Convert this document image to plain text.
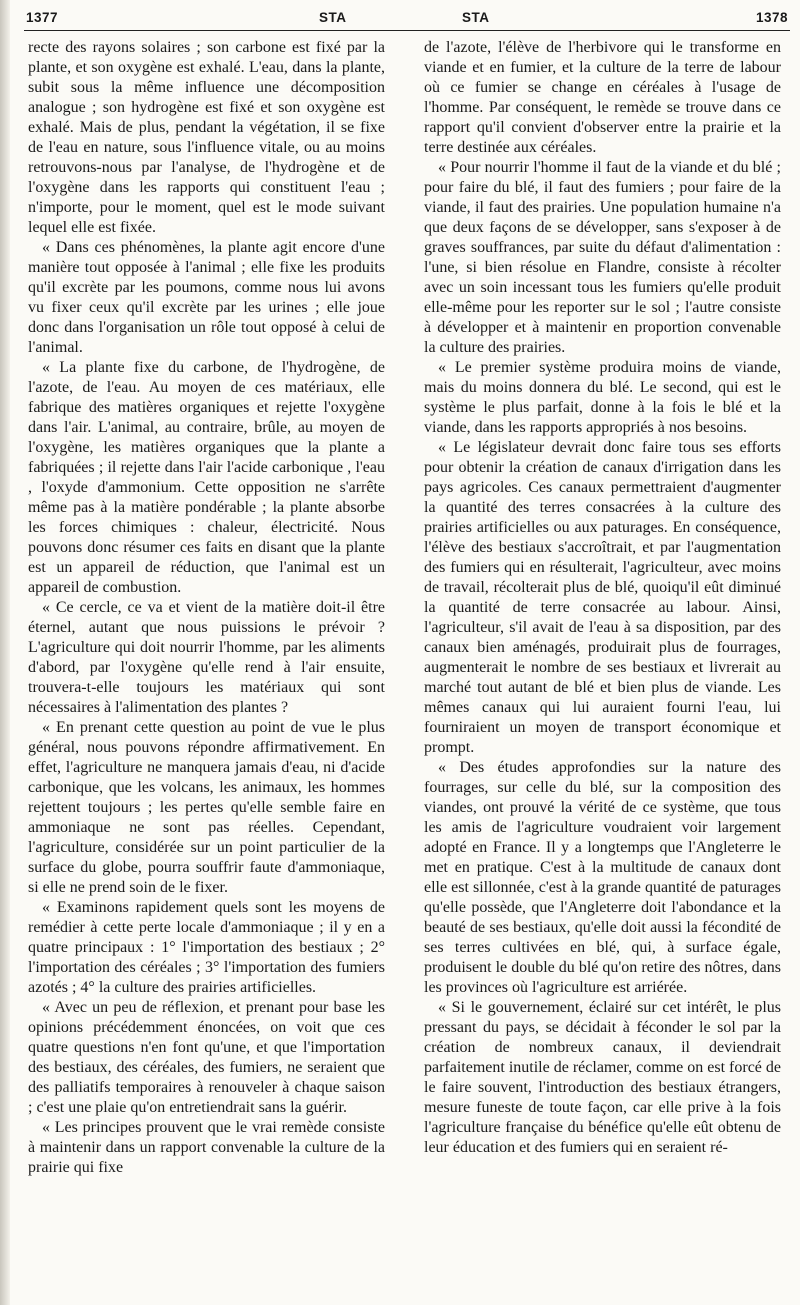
1377	STA	STA	1378

recte des rayons solaires ; son carbone est fixé par la plante, et son oxygène est exhalé. L'eau, dans la plante, subit sous la même influence une décomposition analogue ; son hydrogène est fixé et son oxygène est exhalé. Mais de plus, pendant la végétation, il se fixe de l'eau en nature, sous l'influence vitale, ou au moins retrouvons-nous par l'analyse, de l'hydrogène et de l'oxygène dans les rapports qui constituent l'eau ; n'importe, pour le moment, quel est le mode suivant lequel elle est fixée.

« Dans ces phénomènes, la plante agit encore d'une manière tout opposée à l'animal ; elle fixe les produits qu'il excrète par les poumons, comme nous lui avons vu fixer ceux qu'il excrète par les urines ; elle joue donc dans l'organisation un rôle tout opposé à celui de l'animal.

« La plante fixe du carbone, de l'hydrogène, de l'azote, de l'eau. Au moyen de ces matériaux, elle fabrique des matières organiques et rejette l'oxygène dans l'air. L'animal, au contraire, brûle, au moyen de l'oxygène, les matières organiques que la plante a fabriquées ; il rejette dans l'air l'acide carbonique , l'eau , l'oxyde d'ammonium. Cette opposition ne s'arrête même pas à la matière pondérable ; la plante absorbe les forces chimiques : chaleur, électricité. Nous pouvons donc résumer ces faits en disant que la plante est un appareil de réduction, que l'animal est un appareil de combustion.

« Ce cercle, ce va et vient de la matière doit-il être éternel, autant que nous puissions le prévoir ? L'agriculture qui doit nourrir l'homme, par les aliments d'abord, par l'oxygène qu'elle rend à l'air ensuite, trouvera-t-elle toujours les matériaux qui sont nécessaires à l'alimentation des plantes ?

« En prenant cette question au point de vue le plus général, nous pouvons répondre affirmativement. En effet, l'agriculture ne manquera jamais d'eau, ni d'acide carbonique, que les volcans, les animaux, les hommes rejettent toujours ; les pertes qu'elle semble faire en ammoniaque ne sont pas réelles. Cependant, l'agriculture, considérée sur un point particulier de la surface du globe, pourra souffrir faute d'ammoniaque, si elle ne prend soin de le fixer.

« Examinons rapidement quels sont les moyens de remédier à cette perte locale d'ammoniaque ; il y en a quatre principaux : 1° l'importation des bestiaux ; 2° l'importation des céréales ; 3° l'importation des fumiers azotés ; 4° la culture des prairies artificielles.

« Avec un peu de réflexion, et prenant pour base les opinions précédemment énoncées, on voit que ces quatre questions n'en font qu'une, et que l'importation des bestiaux, des céréales, des fumiers, ne seraient que des palliatifs temporaires à renouveler à chaque saison ; c'est une plaie qu'on entretiendrait sans la guérir.

« Les principes prouvent que le vrai remède consiste à maintenir dans un rapport convenable la culture de la prairie qui fixe

de l'azote, l'élève de l'herbivore qui le transforme en viande et en fumier, et la culture de la terre de labour où ce fumier se change en céréales à l'usage de l'homme. Par conséquent, le remède se trouve dans ce rapport qu'il convient d'observer entre la prairie et la terre destinée aux céréales.

« Pour nourrir l'homme il faut de la viande et du blé ; pour faire du blé, il faut des fumiers ; pour faire de la viande, il faut des prairies. Une population humaine n'a que deux façons de se développer, sans s'exposer à de graves souffrances, par suite du défaut d'alimentation : l'une, si bien résolue en Flandre, consiste à récolter avec un soin incessant tous les fumiers qu'elle produit elle-même pour les reporter sur le sol ; l'autre consiste à développer et à maintenir en proportion convenable la culture des prairies.

« Le premier système produira moins de viande, mais du moins donnera du blé. Le second, qui est le système le plus parfait, donne à la fois le blé et la viande, dans les rapports appropriés à nos besoins.

« Le législateur devrait donc faire tous ses efforts pour obtenir la création de canaux d'irrigation dans les pays agricoles. Ces canaux permettraient d'augmenter la quantité des terres consacrées à la culture des prairies artificielles ou aux paturages. En conséquence, l'élève des bestiaux s'accroîtrait, et par l'augmentation des fumiers qui en résulterait, l'agriculteur, avec moins de travail, récolterait plus de blé, quoiqu'il eût diminué la quantité de terre consacrée au labour. Ainsi, l'agriculteur, s'il avait de l'eau à sa disposition, par des canaux bien aménagés, produirait plus de fourrages, augmenterait le nombre de ses bestiaux et livrerait au marché tout autant de blé et bien plus de viande. Les mêmes canaux qui lui auraient fourni l'eau, lui fourniraient un moyen de transport économique et prompt.

« Des études approfondies sur la nature des fourrages, sur celle du blé, sur la composition des viandes, ont prouvé la vérité de ce système, que tous les amis de l'agriculture voudraient voir largement adopté en France. Il y a longtemps que l'Angleterre le met en pratique. C'est à la multitude de canaux dont elle est sillonnée, c'est à la grande quantité de paturages qu'elle possède, que l'Angleterre doit l'abondance et la beauté de ses bestiaux, qu'elle doit aussi la fécondité de ses terres cultivées en blé, qui, à surface égale, produisent le double du blé qu'on retire des nôtres, dans les provinces où l'agriculture est arriérée.

« Si le gouvernement, éclairé sur cet intérêt, le plus pressant du pays, se décidait à féconder le sol par la création de nombreux canaux, il deviendrait parfaitement inutile de réclamer, comme on est forcé de le faire souvent, l'introduction des bestiaux étrangers, mesure funeste de toute façon, car elle prive à la fois l'agriculture française du bénéfice qu'elle eût obtenu de leur éducation et des fumiers qui en seraient ré-
